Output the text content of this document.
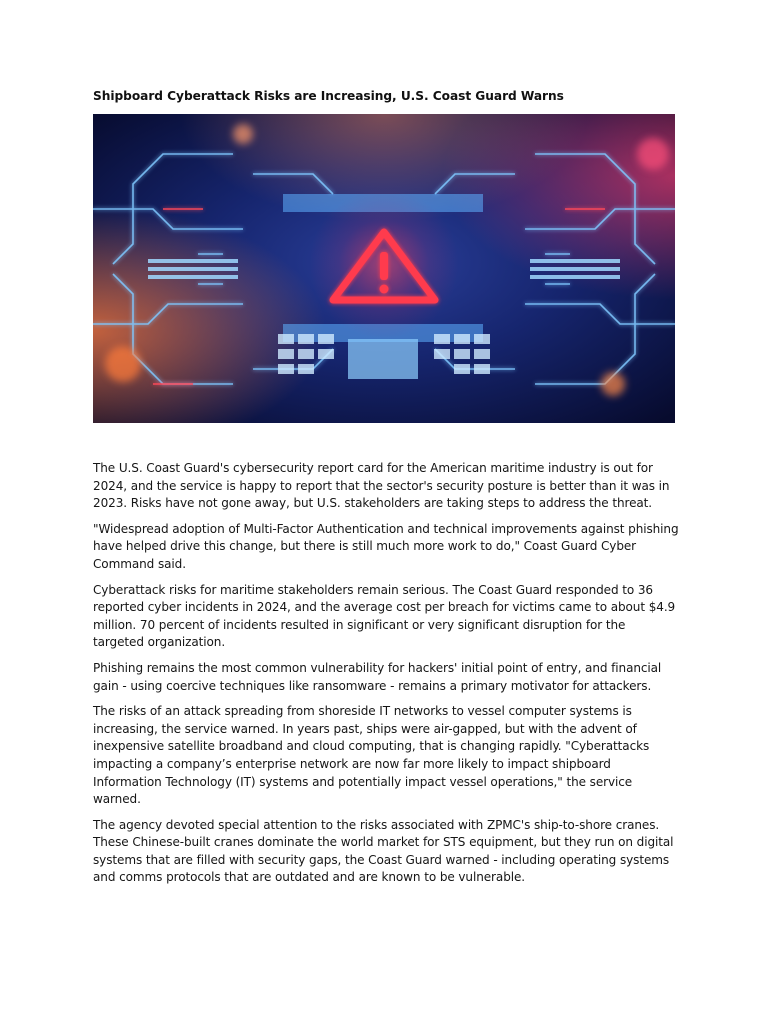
Shipboard Cyberattack Risks are Increasing, U.S. Coast Guard Warns

The U.S. Coast Guard's cybersecurity report card for the American maritime industry is out for 2024, and the service is happy to report that the sector's security posture is better than it was in 2023. Risks have not gone away, but U.S. stakeholders are taking steps to address the threat.

"Widespread adoption of Multi-Factor Authentication and technical improvements against phishing have helped drive this change, but there is still much more work to do," Coast Guard Cyber Command said.

Cyberattack risks for maritime stakeholders remain serious. The Coast Guard responded to 36 reported cyber incidents in 2024, and the average cost per breach for victims came to about $4.9 million. 70 percent of incidents resulted in significant or very significant disruption for the targeted organization.

Phishing remains the most common vulnerability for hackers' initial point of entry, and financial gain - using coercive techniques like ransomware - remains a primary motivator for attackers.

The risks of an attack spreading from shoreside IT networks to vessel computer systems is increasing, the service warned. In years past, ships were air-gapped, but with the advent of inexpensive satellite broadband and cloud computing, that is changing rapidly. "Cyberattacks impacting a company’s enterprise network are now far more likely to impact shipboard Information Technology (IT) systems and potentially impact vessel operations," the service warned.

The agency devoted special attention to the risks associated with ZPMC's ship-to-shore cranes. These Chinese-built cranes dominate the world market for STS equipment, but they run on digital systems that are filled with security gaps, the Coast Guard warned - including operating systems and comms protocols that are outdated and are known to be vulnerable.
